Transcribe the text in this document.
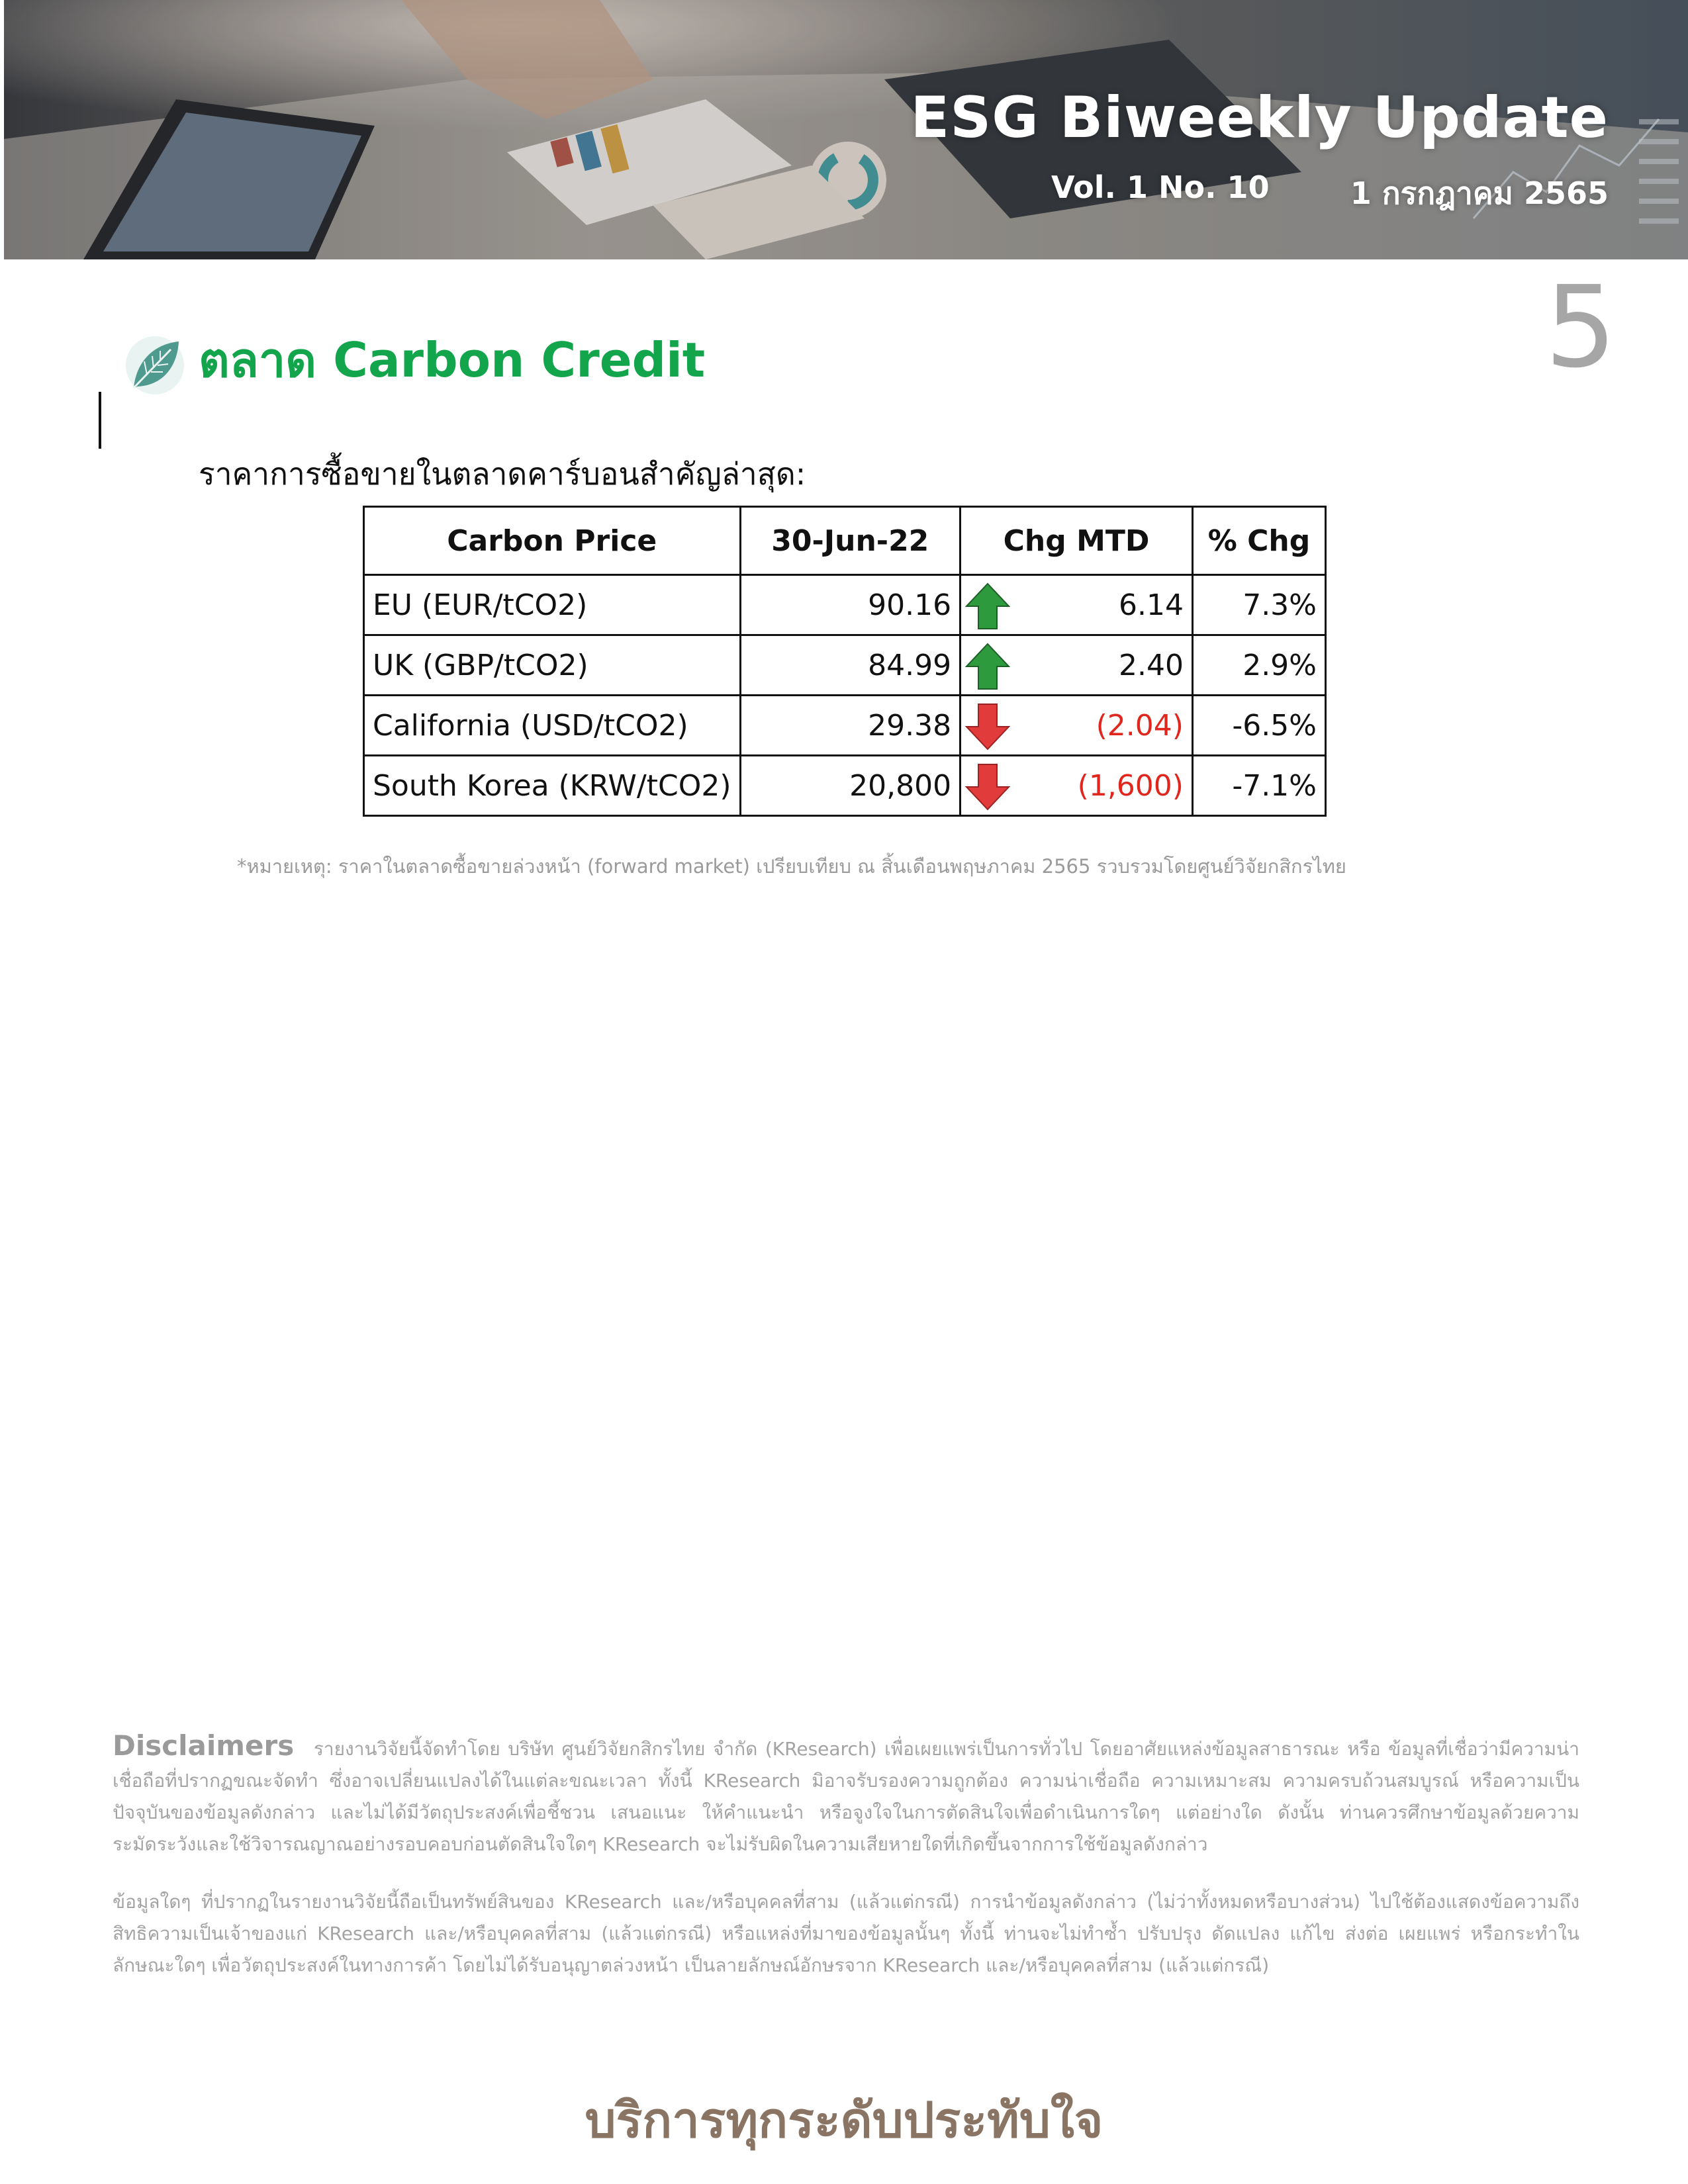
ESG Biweekly Update
Vol. 1 No. 10	1 กรกฎาคม 2565
5
ตลาด Carbon Credit
ราคาการซื้อขายในตลาดคาร์บอนสำคัญล่าสุด:
Carbon Price	30-Jun-22	Chg MTD	% Chg
EU (EUR/tCO2)	90.16	6.14	7.3%
UK (GBP/tCO2)	84.99	2.40	2.9%
California (USD/tCO2)	29.38	(2.04)	-6.5%
South Korea (KRW/tCO2)	20,800	(1,600)	-7.1%
*หมายเหตุ: ราคาในตลาดซื้อขายล่วงหน้า (forward market) เปรียบเทียบ ณ สิ้นเดือนพฤษภาคม 2565 รวบรวมโดยศูนย์วิจัยกสิกรไทย
Disclaimers รายงานวิจัยนี้จัดทำโดย บริษัท ศูนย์วิจัยกสิกรไทย จำกัด (KResearch) เพื่อเผยแพร่เป็นการทั่วไป โดยอาศัยแหล่งข้อมูลสาธารณะ หรือ ข้อมูลที่เชื่อว่ามีความน่าเชื่อถือที่ปรากฏขณะจัดทำ ซึ่งอาจเปลี่ยนแปลงได้ในแต่ละขณะเวลา ทั้งนี้ KResearch มิอาจรับรองความถูกต้อง ความน่าเชื่อถือ ความเหมาะสม ความครบถ้วนสมบูรณ์ หรือความเป็นปัจจุบันของข้อมูลดังกล่าว และไม่ได้มีวัตถุประสงค์เพื่อชี้ชวน เสนอแนะ ให้คำแนะนำ หรือจูงใจในการตัดสินใจเพื่อดำเนินการใดๆ แต่อย่างใด ดังนั้น ท่านควรศึกษาข้อมูลด้วยความระมัดระวังและใช้วิจารณญาณอย่างรอบคอบก่อนตัดสินใจใดๆ KResearch จะไม่รับผิดในความเสียหายใดที่เกิดขึ้นจากการใช้ข้อมูลดังกล่าว
ข้อมูลใดๆ ที่ปรากฏในรายงานวิจัยนี้ถือเป็นทรัพย์สินของ KResearch และ/หรือบุคคลที่สาม (แล้วแต่กรณี) การนำข้อมูลดังกล่าว (ไม่ว่าทั้งหมดหรือบางส่วน) ไปใช้ต้องแสดงข้อความถึงสิทธิความเป็นเจ้าของแก่ KResearch และ/หรือบุคคลที่สาม (แล้วแต่กรณี) หรือแหล่งที่มาของข้อมูลนั้นๆ ทั้งนี้ ท่านจะไม่ทำซ้ำ ปรับปรุง ดัดแปลง แก้ไข ส่งต่อ เผยแพร่ หรือกระทำในลักษณะใดๆ เพื่อวัตถุประสงค์ในทางการค้า โดยไม่ได้รับอนุญาตล่วงหน้า เป็นลายลักษณ์อักษรจาก KResearch และ/หรือบุคคลที่สาม (แล้วแต่กรณี)
บริการทุกระดับประทับใจ
